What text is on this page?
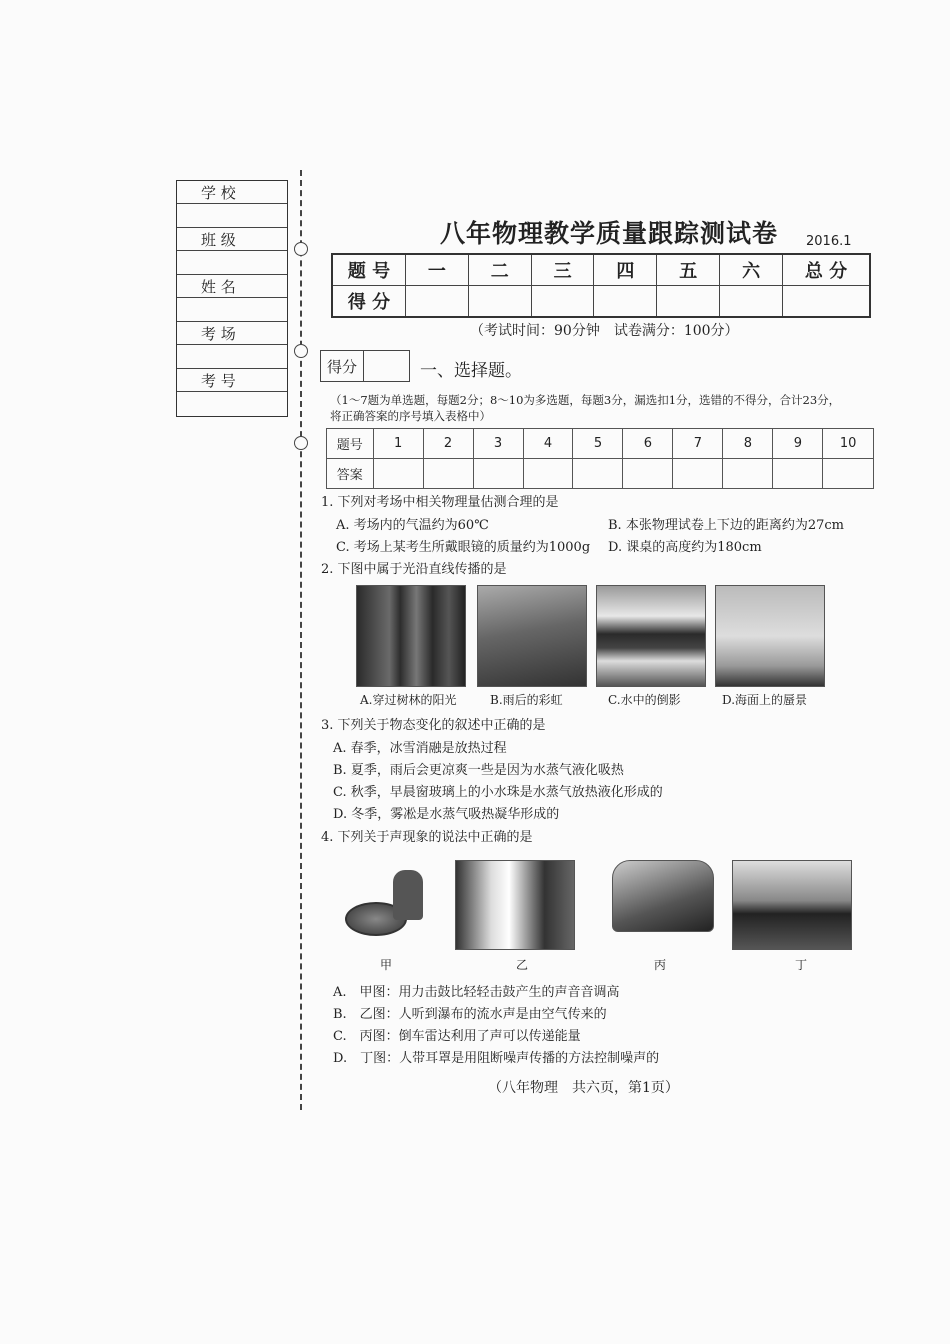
学 校
班 级
姓 名
考 场
考 号
八年物理教学质量跟踪测试卷 2016.1
题 号	一	二	三	四	五	六	总 分
得 分							
（考试时间：90分钟　试卷满分：100分）
得分	一、选择题。
（1～7题为单选题，每题2分；8～10为多选题，每题3分，漏选扣1分，选错的不得分，合计23分，
将正确答案的序号填入表格中）
题号	1	2	3	4	5	6	7	8	9	10
答案										
1. 下列对考场中相关物理量估测合理的是
A. 考场内的气温约为60℃	B. 本张物理试卷上下边的距离约为27cm
C. 考场上某考生所戴眼镜的质量约为1000g D. 课桌的高度约为180cm
2. 下图中属于光沿直线传播的是
A.穿过树林的阳光	B.雨后的彩虹	C.水中的倒影	D.海面上的蜃景
3. 下列关于物态变化的叙述中正确的是
A. 春季，冰雪消融是放热过程
B. 夏季，雨后会更凉爽一些是因为水蒸气液化吸热
C. 秋季，早晨窗玻璃上的小水珠是水蒸气放热液化形成的
D. 冬季，雾凇是水蒸气吸热凝华形成的
4. 下列关于声现象的说法中正确的是
甲	乙	丙	丁
A.　甲图：用力击鼓比轻轻击鼓产生的声音音调高
B.　乙图：人听到瀑布的流水声是由空气传来的
C.　丙图：倒车雷达利用了声可以传递能量
D.　丁图：人带耳罩是用阻断噪声传播的方法控制噪声的
（八年物理　共六页，第1页）
